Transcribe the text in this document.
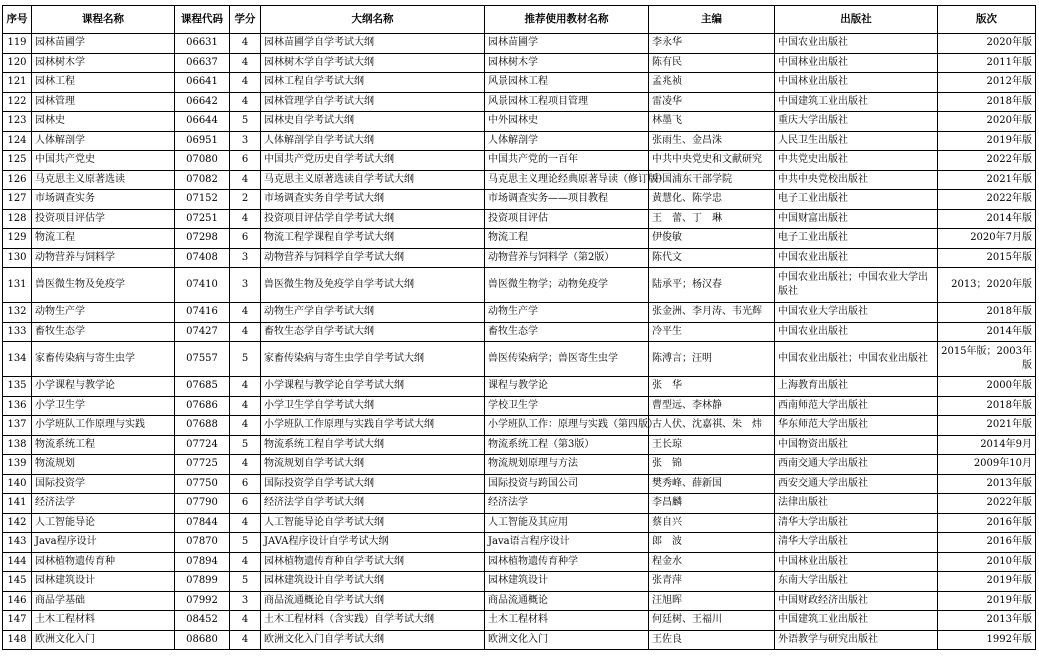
序号	课程名称	课程代码	学分	大纲名称	推荐使用教材名称	主编	出版社	版次
119	园林苗圃学	06631	4	园林苗圃学自学考试大纲	园林苗圃学	李永华	中国农业出版社	2020年版
120	园林树木学	06637	4	园林树木学自学考试大纲	园林树木学	陈有民	中国林业出版社	2011年版
121	园林工程	06641	4	园林工程自学考试大纲	风景园林工程	孟兆祯	中国林业出版社	2012年版
122	园林管理	06642	4	园林管理学自学考试大纲	风景园林工程项目管理	雷凌华	中国建筑工业出版社	2018年版
123	园林史	06644	5	园林史自学考试大纲	中外园林史	林墨飞	重庆大学出版社	2020年版
124	人体解剖学	06951	3	人体解剖学自学考试大纲	人体解剖学	张雨生、金昌洙	人民卫生出版社	2019年版
125	中国共产党史	07080	6	中国共产党历史自学考试大纲	中国共产党的一百年	中共中央党史和文献研究	中共党史出版社	2022年版
126	马克思主义原著选读	07082	4	马克思主义原著选读自学考试大纲	马克思主义理论经典原著导读（修订版）	中国浦东干部学院	中共中央党校出版社	2021年版
127	市场调查实务	07152	2	市场调查实务自学考试大纲	市场调查实务——项目教程	黄慧化、陈学忠	电子工业出版社	2022年版
128	投资项目评估学	07251	4	投资项目评估学自学考试大纲	投资项目评估	王　蕾、丁　琳	中国财富出版社	2014年版
129	物流工程	07298	6	物流工程学课程自学考试大纲	物流工程	伊俊敏	电子工业出版社	2020年7月版
130	动物营养与饲料学	07408	3	动物营养与饲料学自学考试大纲	动物营养与饲料学（第2版）	陈代文	中国农业出版社	2015年版
131	兽医微生物及免疫学	07410	3	兽医微生物及免疫学自学考试大纲	兽医微生物学；动物免疫学	陆承平；杨汉春	中国农业出版社；中国农业大学出版社	2013；2020年版
132	动物生产学	07416	4	动物生产学自学考试大纲	动物生产学	张金洲、李月涛、韦光辉	中国农业大学出版社	2018年版
133	畜牧生态学	07427	4	畜牧生态学自学考试大纲	畜牧生态学	冷平生	中国农业出版社	2014年版
134	家畜传染病与寄生虫学	07557	5	家畜传染病与寄生虫学自学考试大纲	兽医传染病学；兽医寄生虫学	陈溥言；汪明	中国农业出版社；中国农业出版社	2015年版；2003年版
135	小学课程与教学论	07685	4	小学课程与教学论自学考试大纲	课程与教学论	张　华	上海教育出版社	2000年版
136	小学卫生学	07686	4	小学卫生学自学考试大纲	学校卫生学	曹型远、李林静	西南师范大学出版社	2018年版
137	小学班队工作原理与实践	07688	4	小学班队工作原理与实践自学考试大纲	小学班队工作：原理与实践（第四版）	古人伏、沈嘉祺、朱　炜	华东师范大学出版社	2021年版
138	物流系统工程	07724	5	物流系统工程自学考试大纲	物流系统工程（第3版）	王长琼	中国物资出版社	2014年9月
139	物流规划	07725	4	物流规划自学考试大纲	物流规划原理与方法	张　锦	西南交通大学出版社	2009年10月
140	国际投资学	07750	6	国际投资学自学考试大纲	国际投资与跨国公司	樊秀峰、薛新国	西安交通大学出版社	2013年版
141	经济法学	07790	6	经济法学自学考试大纲	经济法学	李昌麟	法律出版社	2022年版
142	人工智能导论	07844	4	人工智能导论自学考试大纲	人工智能及其应用	蔡自兴	清华大学出版社	2016年版
143	Java程序设计	07870	5	JAVA程序设计自学考试大纲	Java语言程序设计	郎　波	清华大学出版社	2016年版
144	园林植物遗传育种	07894	4	园林植物遗传育种自学考试大纲	园林植物遗传育种学	程金水	中国林业出版社	2010年版
145	园林建筑设计	07899	5	园林建筑设计自学考试大纲	园林建筑设计	张青萍	东南大学出版社	2019年版
146	商品学基础	07992	3	商品流通概论自学考试大纲	商品流通概论	汪旭晖	中国财政经济出版社	2019年版
147	土木工程材料	08452	4	土木工程材料（含实践）自学考试大纲	土木工程材料	何廷树、王福川	中国建筑工业出版社	2013年版
148	欧洲文化入门	08680	4	欧洲文化入门自学考试大纲	欧洲文化入门	王佐良	外语教学与研究出版社	1992年版
